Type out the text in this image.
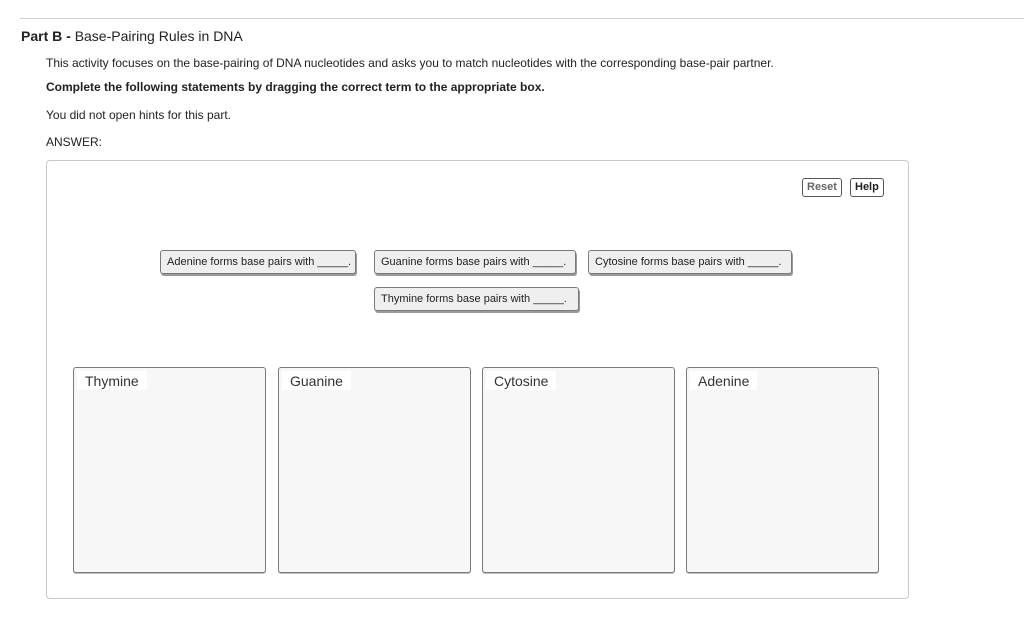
Part B - Base-Pairing Rules in DNA
This activity focuses on the base-pairing of DNA nucleotides and asks you to match nucleotides with the corresponding base-pair partner.
Complete the following statements by dragging the correct term to the appropriate box.
You did not open hints for this part.
ANSWER:
Reset	Help
Adenine forms base pairs with _____.	Guanine forms base pairs with _____.	Cytosine forms base pairs with _____.
Thymine forms base pairs with _____.
Thymine	Guanine	Cytosine	Adenine
